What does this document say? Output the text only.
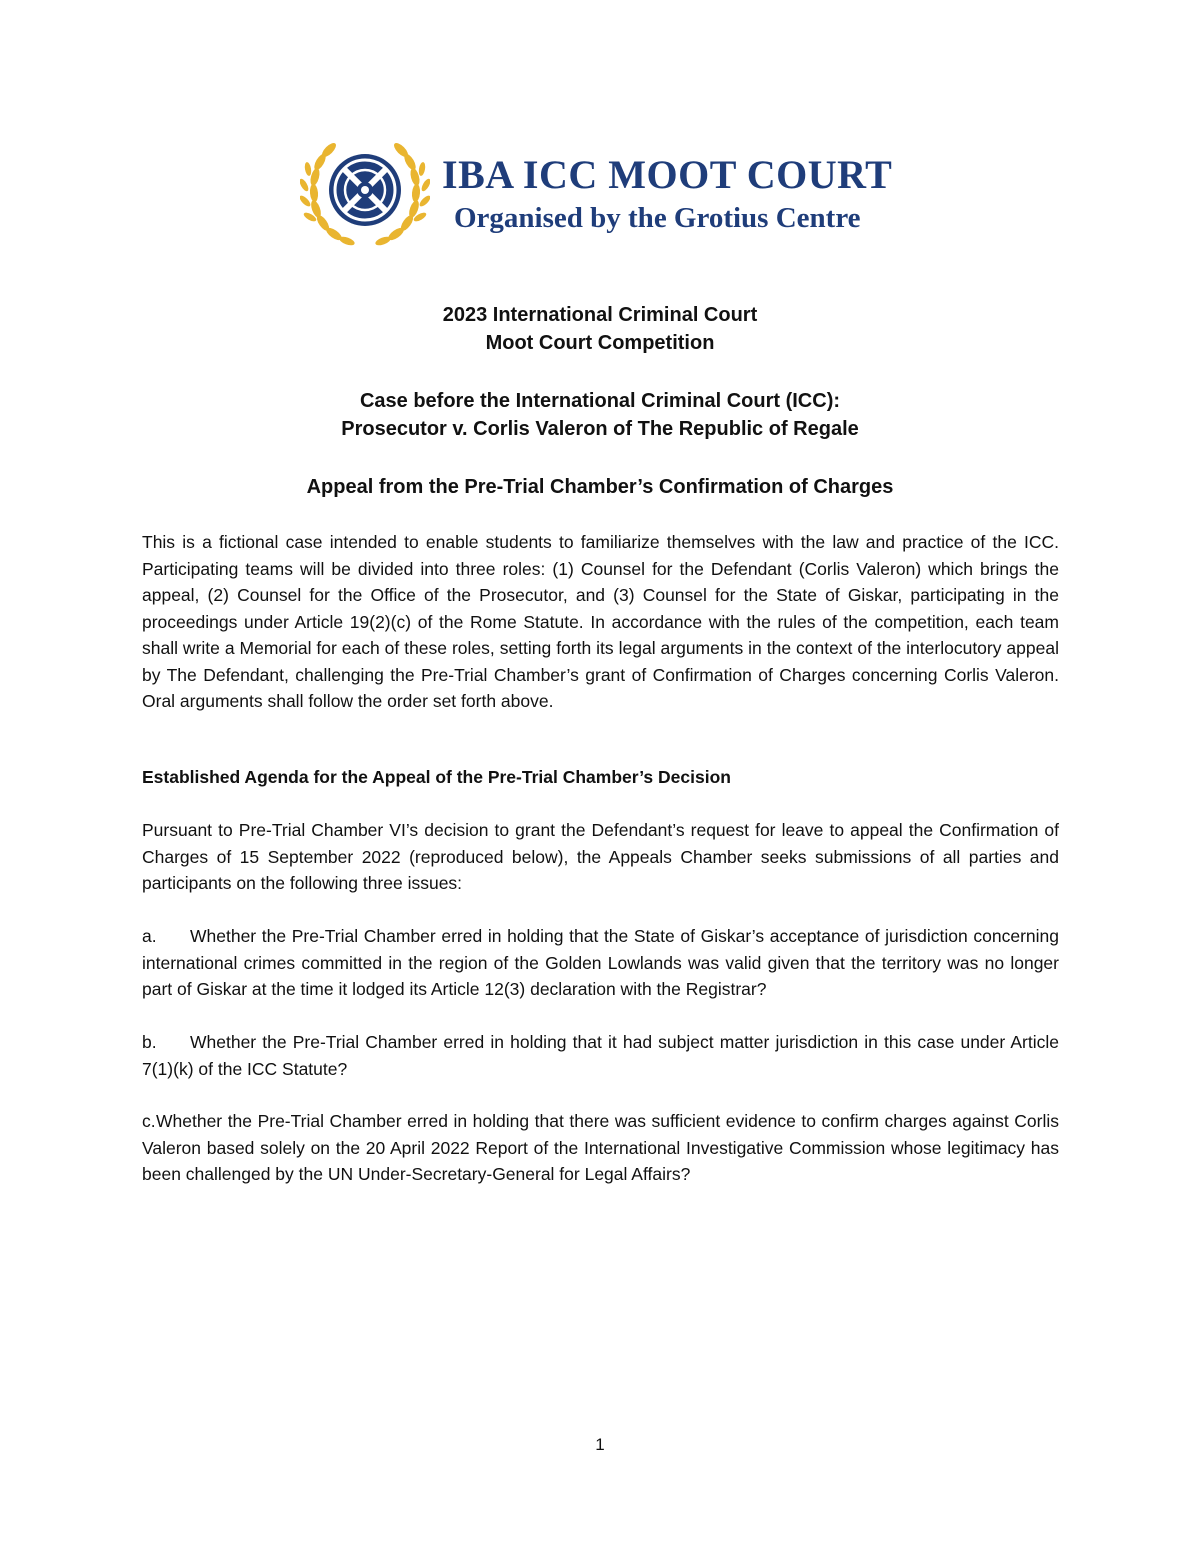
IBA ICC MOOT COURT
Organised by the Grotius Centre
2023 International Criminal Court
Moot Court Competition
Case before the International Criminal Court (ICC):
Prosecutor v. Corlis Valeron of The Republic of Regale
Appeal from the Pre-Trial Chamber’s Confirmation of Charges
This is a fictional case intended to enable students to familiarize themselves with the law and practice of the ICC. Participating teams will be divided into three roles: (1) Counsel for the Defendant (Corlis Valeron) which brings the appeal, (2) Counsel for the Office of the Prosecutor, and (3) Counsel for the State of Giskar, participating in the proceedings under Article 19(2)(c) of the Rome Statute. In accordance with the rules of the competition, each team shall write a Memorial for each of these roles, setting forth its legal arguments in the context of the interlocutory appeal by The Defendant, challenging the Pre-Trial Chamber’s grant of Confirmation of Charges concerning Corlis Valeron. Oral arguments shall follow the order set forth above.
Established Agenda for the Appeal of the Pre-Trial Chamber’s Decision
Pursuant to Pre-Trial Chamber VI’s decision to grant the Defendant’s request for leave to appeal the Confirmation of Charges of 15 September 2022 (reproduced below), the Appeals Chamber seeks submissions of all parties and participants on the following three issues:
a. Whether the Pre-Trial Chamber erred in holding that the State of Giskar’s acceptance of jurisdiction concerning international crimes committed in the region of the Golden Lowlands was valid given that the territory was no longer part of Giskar at the time it lodged its Article 12(3) declaration with the Registrar?
b. Whether the Pre-Trial Chamber erred in holding that it had subject matter jurisdiction in this case under Article 7(1)(k) of the ICC Statute?
c.Whether the Pre-Trial Chamber erred in holding that there was sufficient evidence to confirm charges against Corlis Valeron based solely on the 20 April 2022 Report of the International Investigative Commission whose legitimacy has been challenged by the UN Under-Secretary-General for Legal Affairs?
1
